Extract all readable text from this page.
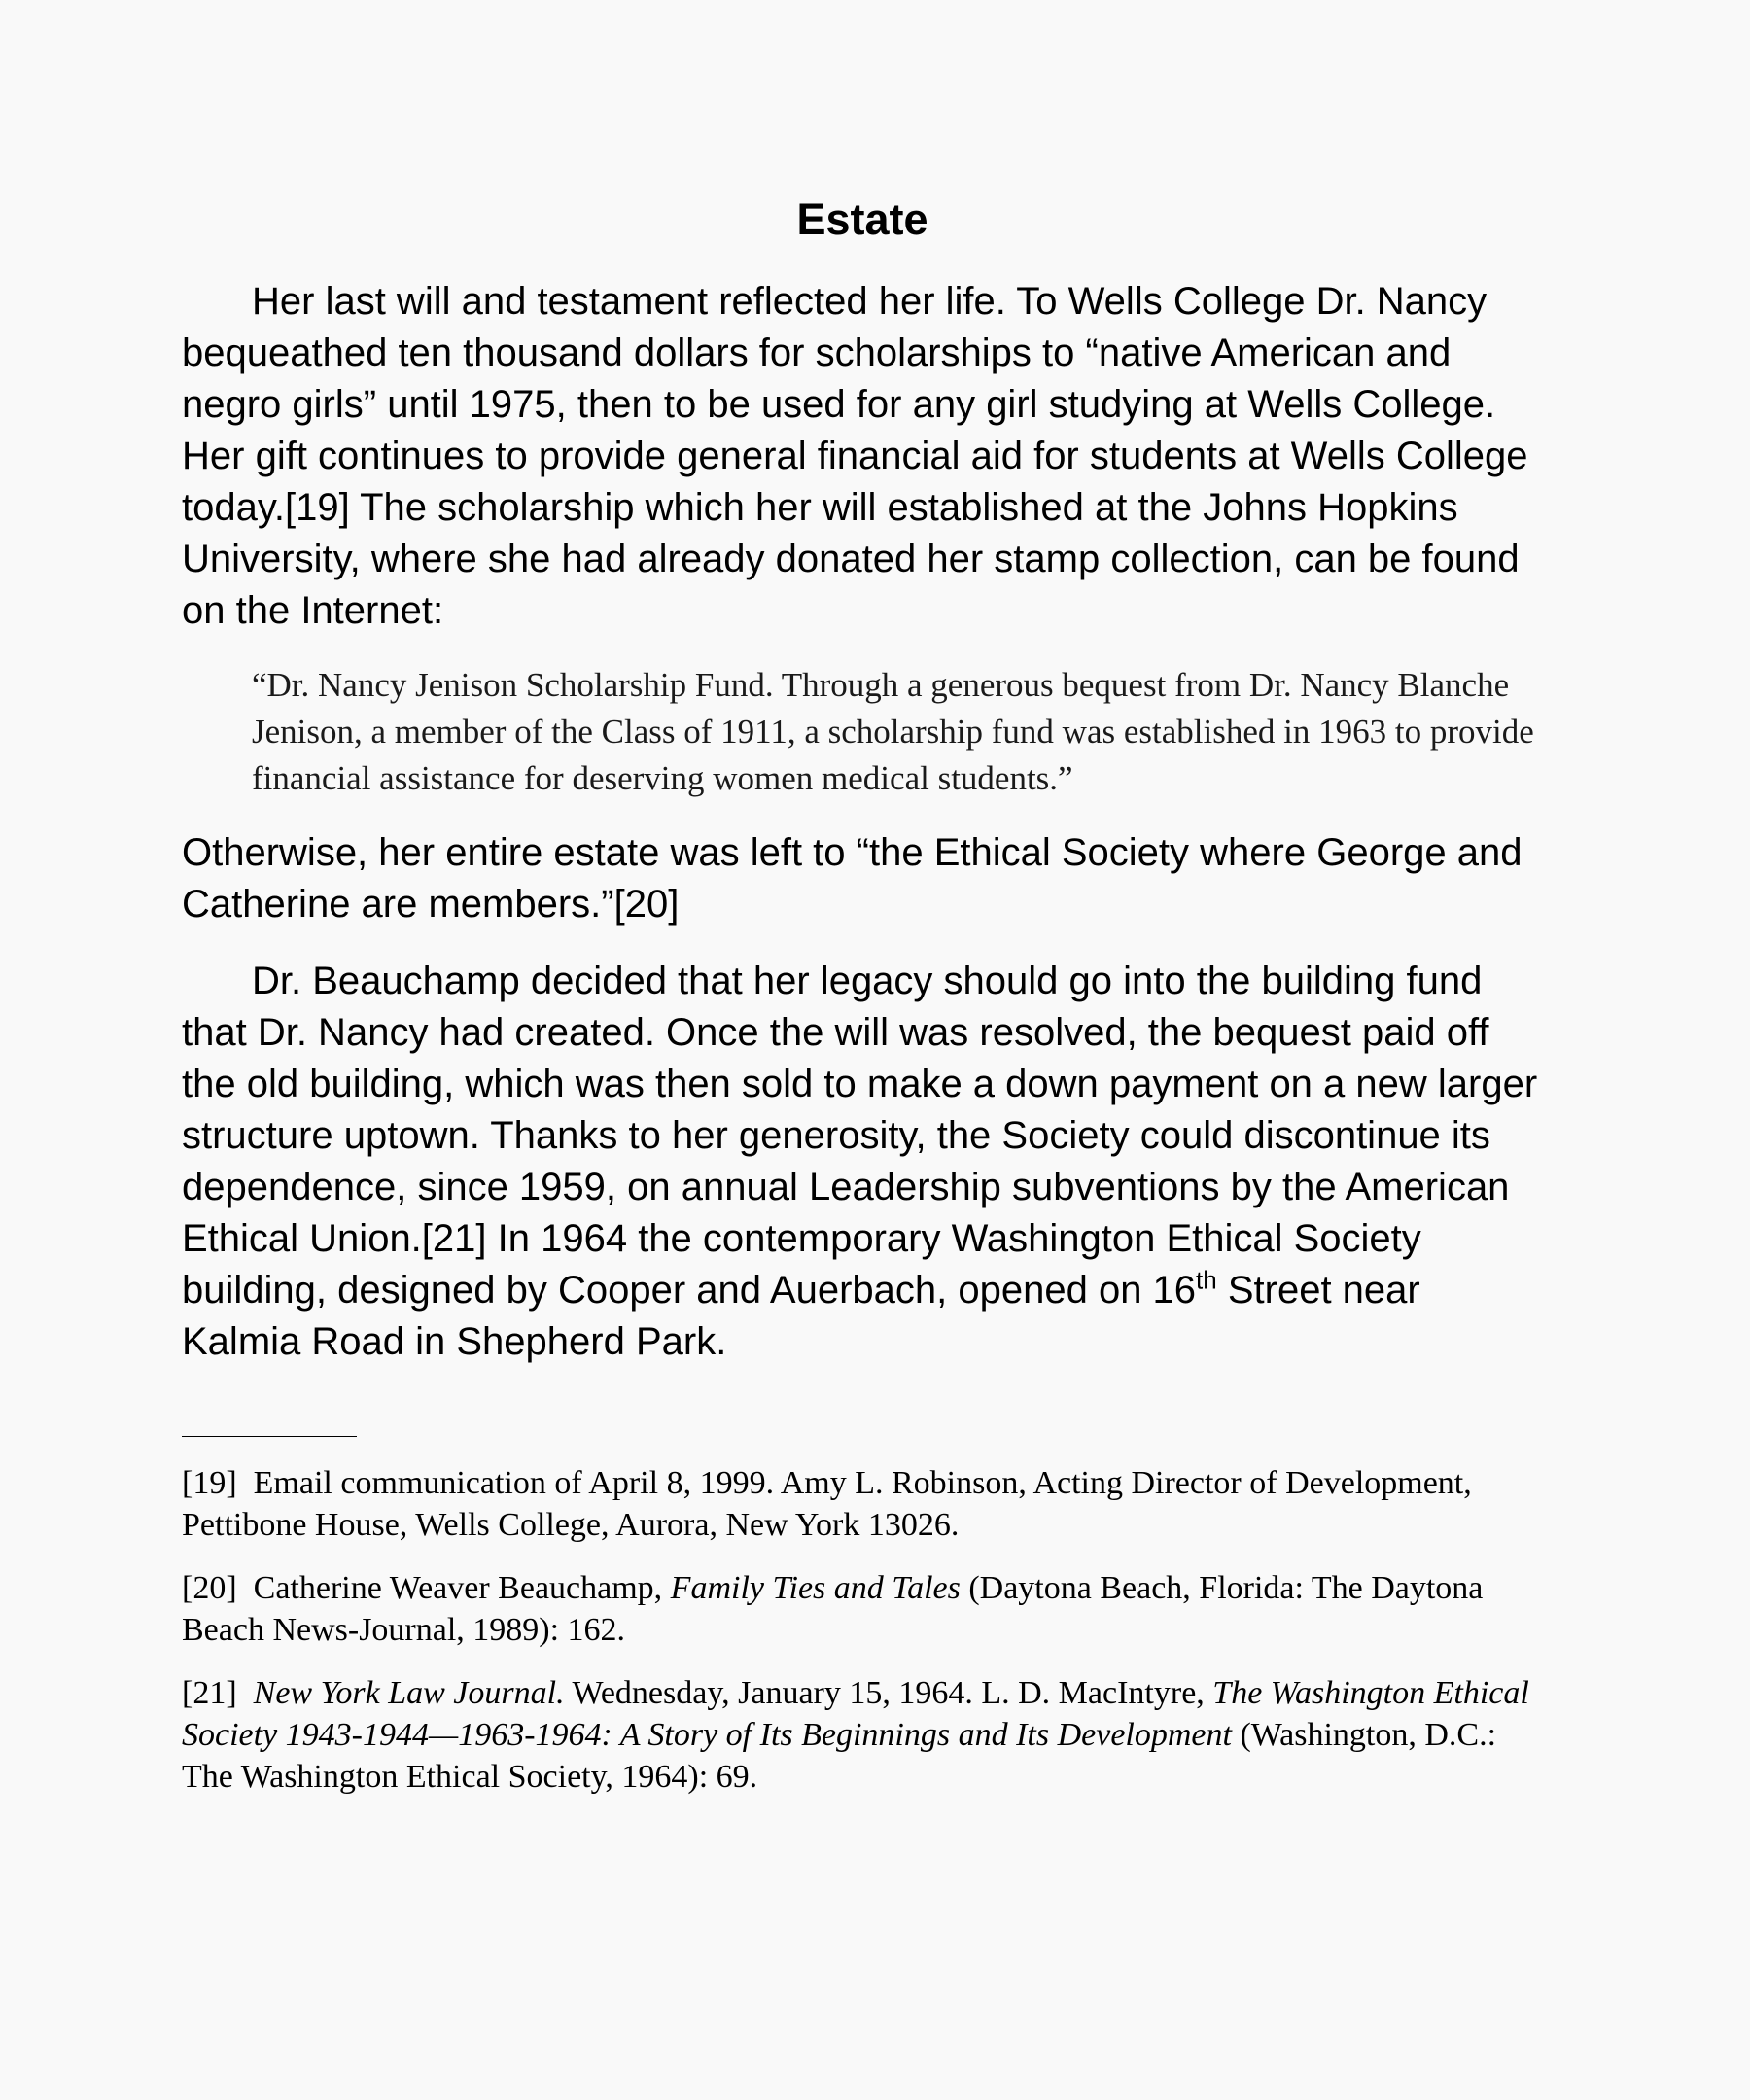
Estate

Her last will and testament reflected her life. To Wells College Dr. Nancy bequeathed ten thousand dollars for scholarships to “native American and negro girls” until 1975, then to be used for any girl studying at Wells College. Her gift continues to provide general financial aid for students at Wells College today.[19] The scholarship which her will established at the Johns Hopkins University, where she had already donated her stamp collection, can be found on the Internet:

“Dr. Nancy Jenison Scholarship Fund. Through a generous bequest from Dr. Nancy Blanche Jenison, a member of the Class of 1911, a scholarship fund was established in 1963 to provide financial assistance for deserving women medical students.”

Otherwise, her entire estate was left to “the Ethical Society where George and Catherine are members.”[20]

Dr. Beauchamp decided that her legacy should go into the building fund that Dr. Nancy had created. Once the will was resolved, the bequest paid off the old building, which was then sold to make a down payment on a new larger structure uptown. Thanks to her generosity, the Society could discontinue its dependence, since 1959, on annual Leadership subventions by the American Ethical Union.[21] In 1964 the contemporary Washington Ethical Society building, designed by Cooper and Auerbach, opened on 16th Street near Kalmia Road in Shepherd Park.

[19] Email communication of April 8, 1999. Amy L. Robinson, Acting Director of Development, Pettibone House, Wells College, Aurora, New York 13026.

[20] Catherine Weaver Beauchamp, Family Ties and Tales (Daytona Beach, Florida: The Daytona Beach News-Journal, 1989): 162.

[21] New York Law Journal. Wednesday, January 15, 1964. L. D. MacIntyre, The Washington Ethical Society 1943-1944—1963-1964: A Story of Its Beginnings and Its Development (Washington, D.C.: The Washington Ethical Society, 1964): 69.
